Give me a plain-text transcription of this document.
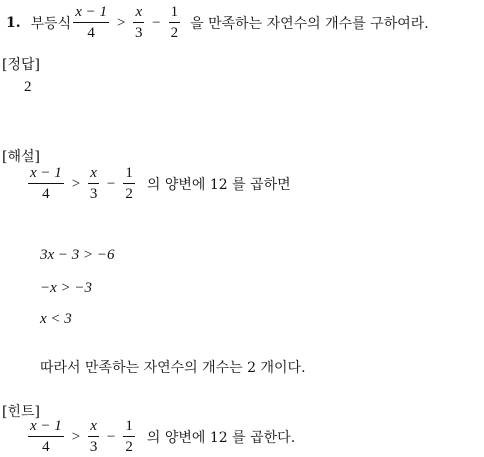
1. 부등식 $\frac{x - 1}{4} > \frac{x}{3} - \frac{1}{2}$ 을 만족하는 자연수의 개수를 구하여라.
[정답]
2
[해설]
$\frac{x - 1}{4} > \frac{x}{3} - \frac{1}{2}$ 의 양변에 12 를 곱하면
3x − 3 > −6
−x > −3
x < 3
따라서 만족하는 자연수의 개수는 2 개이다.
[힌트]
$\frac{x - 1}{4} > \frac{x}{3} - \frac{1}{2}$ 의 양변에 12 를 곱한다.
